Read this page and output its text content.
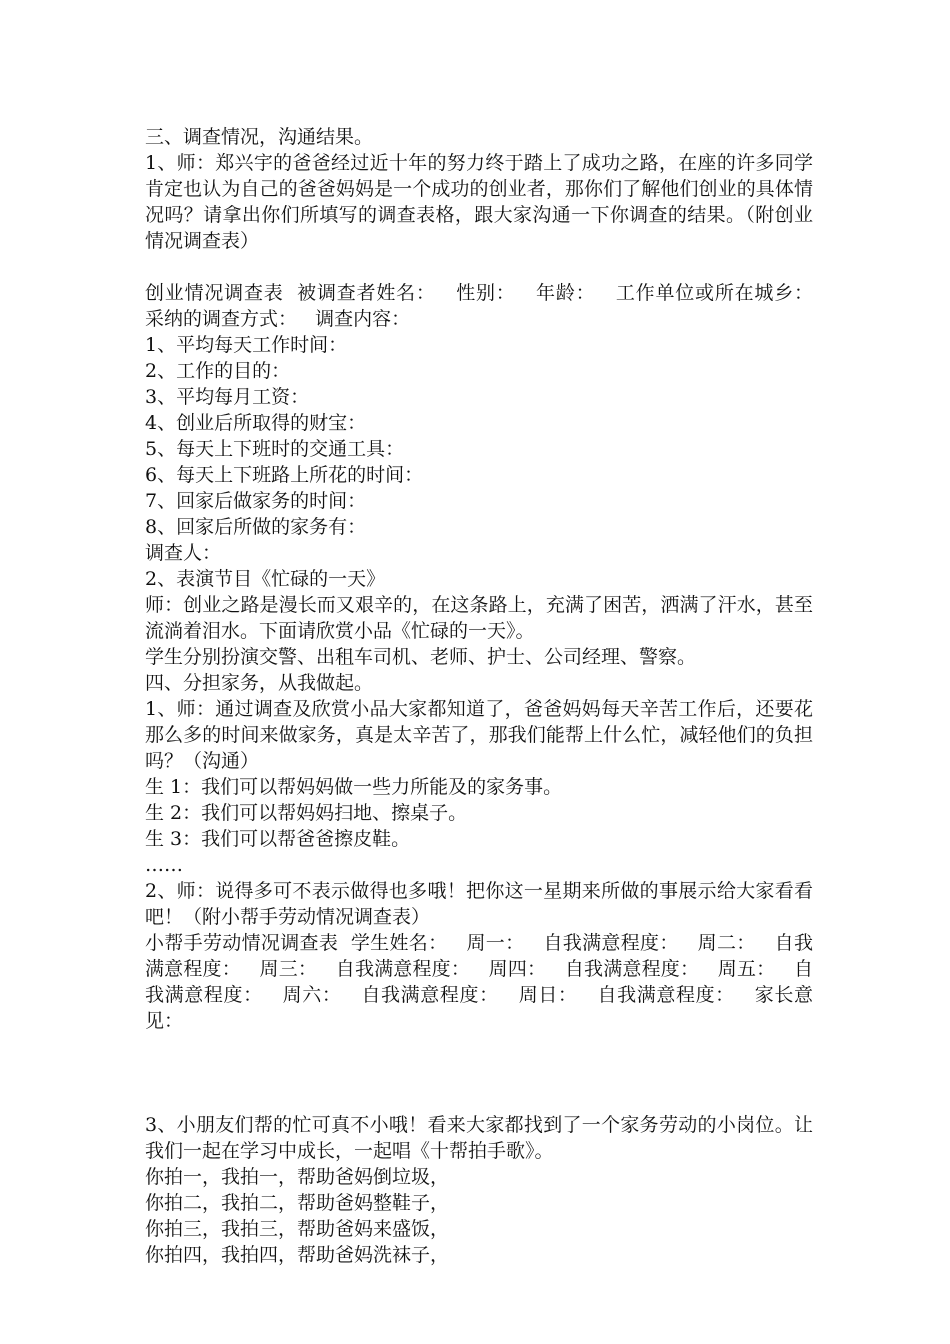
三、调查情况，沟通结果。
1、师：郑兴宇的爸爸经过近十年的努力终于踏上了成功之路，在座的许多同学肯定也认为自己的爸爸妈妈是一个成功的创业者，那你们了解他们创业的具体情况吗？请拿出你们所填写的调查表格，跟大家沟通一下你调查的结果。（附创业情况调查表）
创业情况调查表  被调查者姓名：   性别：   年龄：   工作单位或所在城乡：   采纳的调查方式：   调查内容：
1、平均每天工作时间：
2、工作的目的：
3、平均每月工资：
4、创业后所取得的财宝：
5、每天上下班时的交通工具：
6、每天上下班路上所花的时间：
7、回家后做家务的时间：
8、回家后所做的家务有：
调查人：
2、表演节目《忙碌的一天》
师：创业之路是漫长而又艰辛的，在这条路上，充满了困苦，洒满了汗水，甚至流淌着泪水。下面请欣赏小品《忙碌的一天》。
学生分别扮演交警、出租车司机、老师、护士、公司经理、警察。
四、分担家务，从我做起。
1、师：通过调查及欣赏小品大家都知道了，爸爸妈妈每天辛苦工作后，还要花那么多的时间来做家务，真是太辛苦了，那我们能帮上什么忙，减轻他们的负担吗？（沟通）
生 1：我们可以帮妈妈做一些力所能及的家务事。
生 2：我们可以帮妈妈扫地、擦桌子。
生 3：我们可以帮爸爸擦皮鞋。
……
2、师：说得多可不表示做得也多哦！把你这一星期来所做的事展示给大家看看吧！（附小帮手劳动情况调查表）
小帮手劳动情况调查表  学生姓名：   周一：   自我满意程度：   周二：   自我满意程度：   周三：   自我满意程度：   周四：   自我满意程度：   周五：   自我满意程度：   周六：   自我满意程度：   周日：   自我满意程度：   家长意见：
3、小朋友们帮的忙可真不小哦！看来大家都找到了一个家务劳动的小岗位。让我们一起在学习中成长，一起唱《十帮拍手歌》。
你拍一，我拍一，帮助爸妈倒垃圾，
你拍二，我拍二，帮助爸妈整鞋子，
你拍三，我拍三，帮助爸妈来盛饭，
你拍四，我拍四，帮助爸妈洗袜子，
